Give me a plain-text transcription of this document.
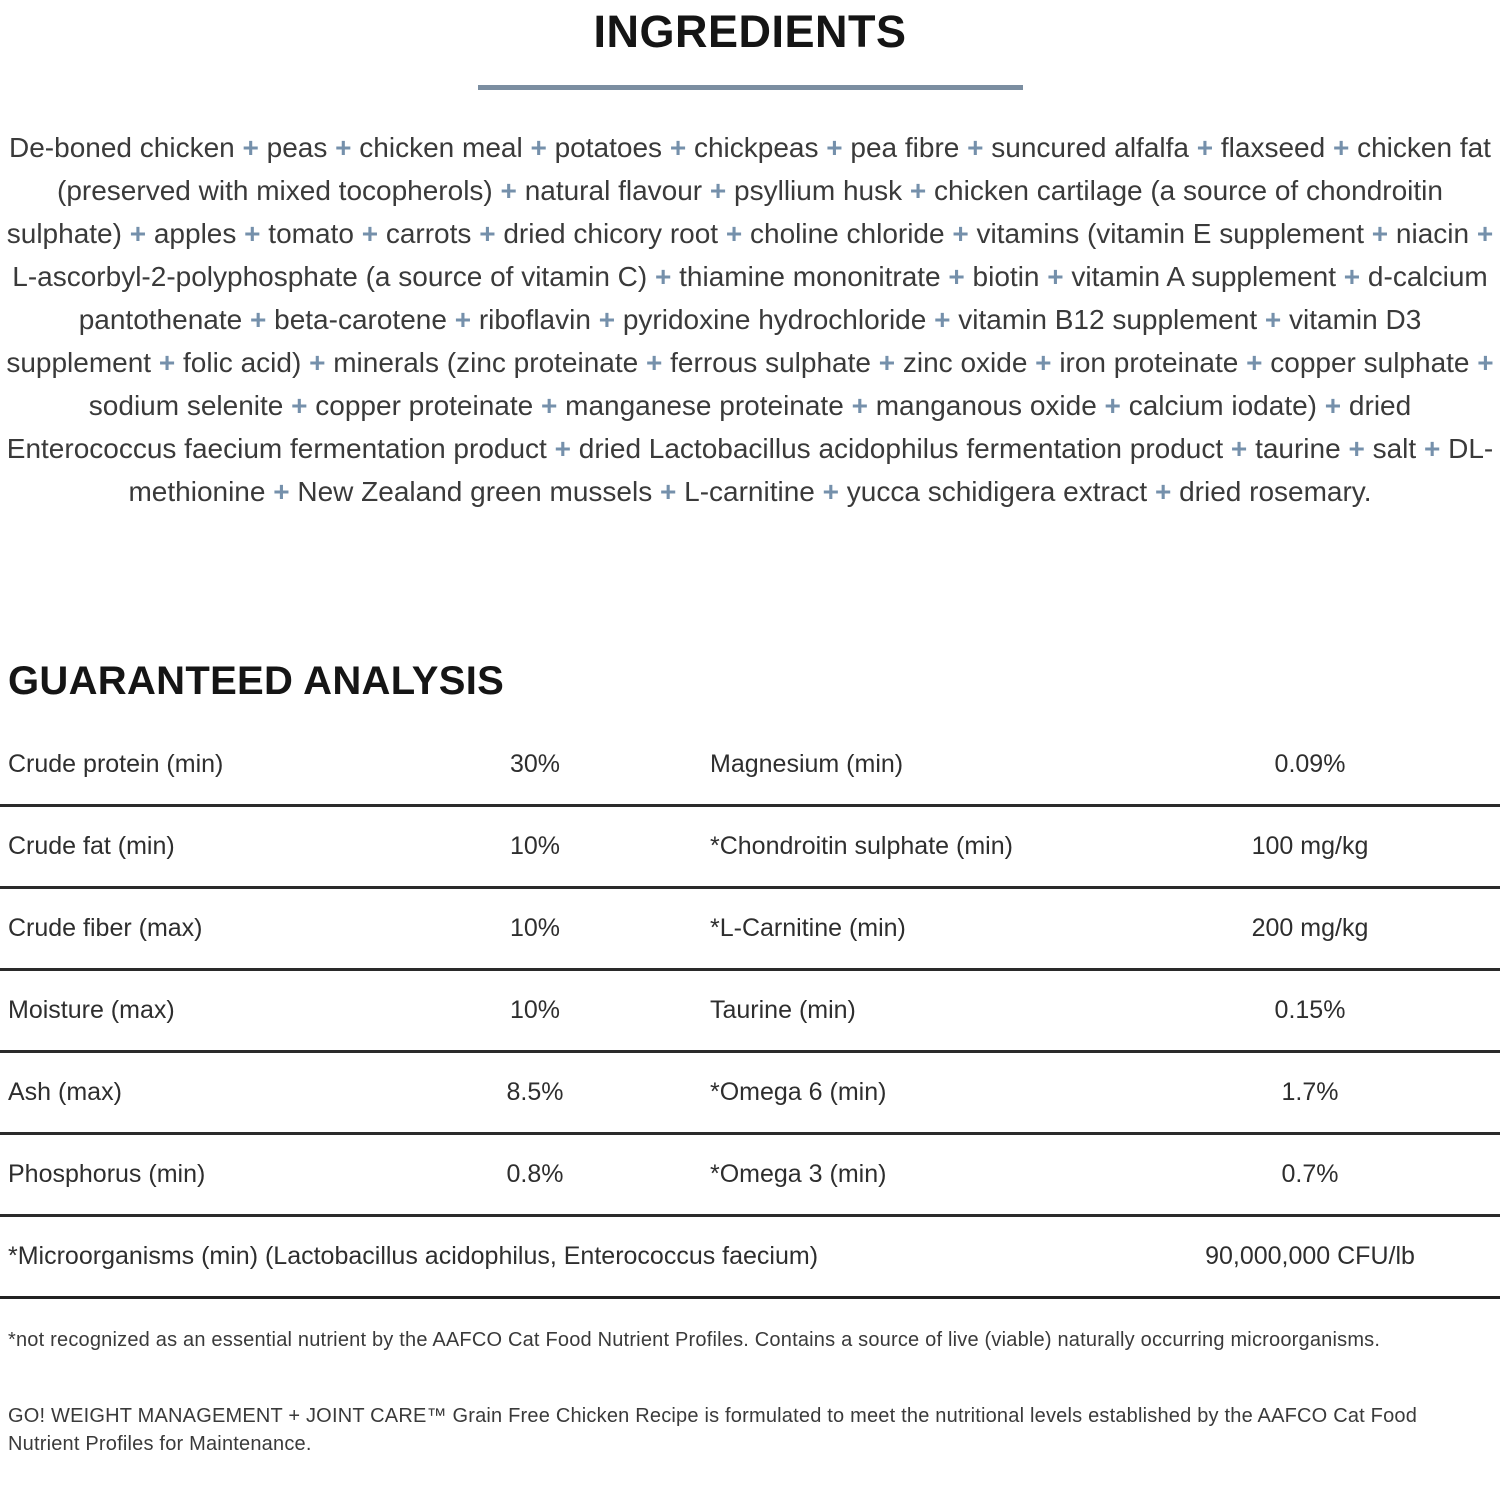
INGREDIENTS

De-boned chicken + peas + chicken meal + potatoes + chickpeas + pea fibre + suncured alfalfa + flaxseed + chicken fat (preserved with mixed tocopherols) + natural flavour + psyllium husk + chicken cartilage (a source of chondroitin sulphate) + apples + tomato + carrots + dried chicory root + choline chloride + vitamins (vitamin E supplement + niacin + L-ascorbyl-2-polyphosphate (a source of vitamin C) + thiamine mononitrate + biotin + vitamin A supplement + d-calcium pantothenate + beta-carotene + riboflavin + pyridoxine hydrochloride + vitamin B12 supplement + vitamin D3 supplement + folic acid) + minerals (zinc proteinate + ferrous sulphate + zinc oxide + iron proteinate + copper sulphate + sodium selenite + copper proteinate + manganese proteinate + manganous oxide + calcium iodate) + dried Enterococcus faecium fermentation product + dried Lactobacillus acidophilus fermentation product + taurine + salt + DL-methionine + New Zealand green mussels + L-carnitine + yucca schidigera extract + dried rosemary.

GUARANTEED ANALYSIS
Crude protein (min)	30%	Magnesium (min)	0.09%
Crude fat (min)	10%	*Chondroitin sulphate (min)	100 mg/kg
Crude fiber (max)	10%	*L-Carnitine (min)	200 mg/kg
Moisture (max)	10%	Taurine (min)	0.15%
Ash (max)	8.5%	*Omega 6 (min)	1.7%
Phosphorus (min)	0.8%	*Omega 3 (min)	0.7%
*Microorganisms (min) (Lactobacillus acidophilus, Enterococcus faecium)	90,000,000 CFU/lb

*not recognized as an essential nutrient by the AAFCO Cat Food Nutrient Profiles. Contains a source of live (viable) naturally occurring microorganisms.

GO! WEIGHT MANAGEMENT + JOINT CARE™ Grain Free Chicken Recipe is formulated to meet the nutritional levels established by the AAFCO Cat Food Nutrient Profiles for Maintenance.
